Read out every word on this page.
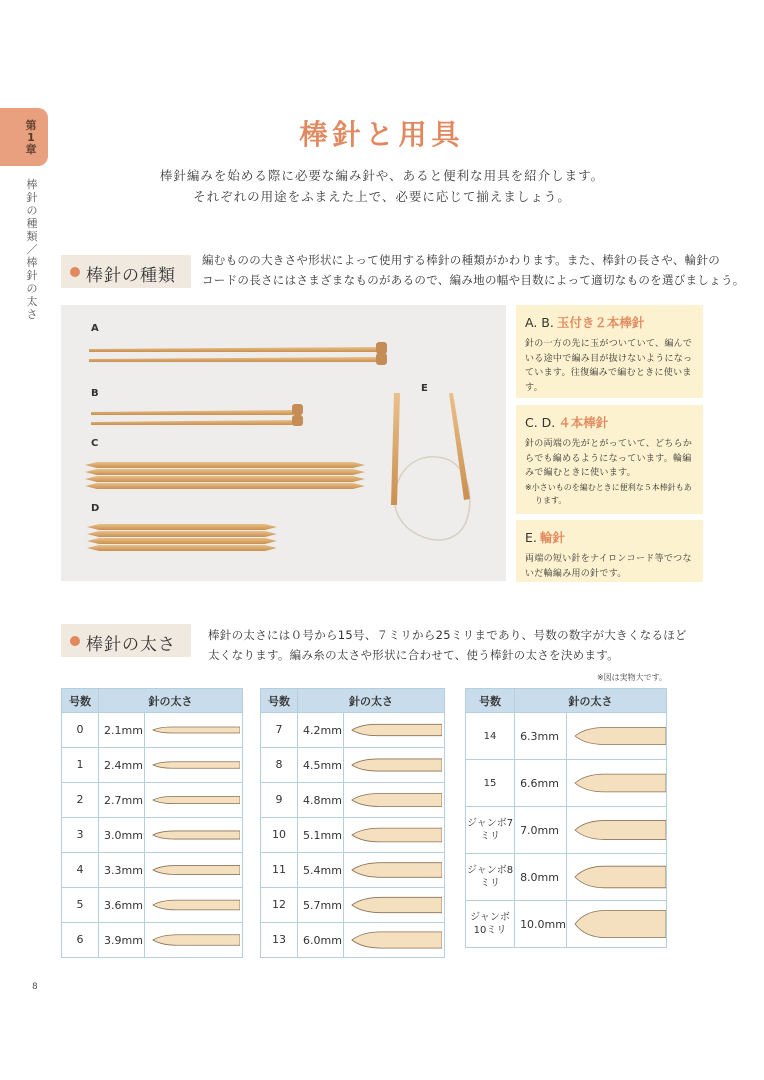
第1章
棒針の種類／棒針の太さ
棒針と用具
棒針編みを始める際に必要な編み針や、あると便利な用具を紹介します。
それぞれの用途をふまえた上で、必要に応じて揃えましょう。
棒針の種類
編むものの大きさや形状によって使用する棒針の種類がかわります。また、棒針の長さや、輪針の
コードの長さにはさまざまなものがあるので、編み地の幅や目数によって適切なものを選びましょう。
A
B
C
D
E
A. B. 玉付き２本棒針
針の一方の先に玉がついていて、編んでいる途中で編み目が抜けないようになっています。往復編みで編むときに使います。
C. D. ４本棒針
針の両端の先がとがっていて、どちらからでも編めるようになっています。輪編みで編むときに使います。
※小さいものを編むときに便利な５本棒針もあります。
E. 輪針
両端の短い針をナイロンコード等でつないだ輪編み用の針です。
棒針の太さ	棒針の太さには０号から15号、７ミリから25ミリまであり、号数の数字が大きくなるほど
太くなります。編み糸の太さや形状に合わせて、使う棒針の太さを決めます。
※図は実物大です。
号数	針の太さ	
0	2.1mm	

1	2.4mm	

2	2.7mm	

3	3.0mm	

4	3.3mm	

5	3.6mm	

6	3.9mm	
号数	針の太さ	
7	4.2mm	

8	4.5mm	

9	4.8mm	

10	5.1mm	

11	5.4mm	

12	5.7mm	

13	6.0mm	
号数	針の太さ	
14	6.3mm	

15	6.6mm	

ジャンボ7ミリ	7.0mm	

ジャンボ8ミリ	8.0mm	

ジャンボ10ミリ	10.0mm	
8
